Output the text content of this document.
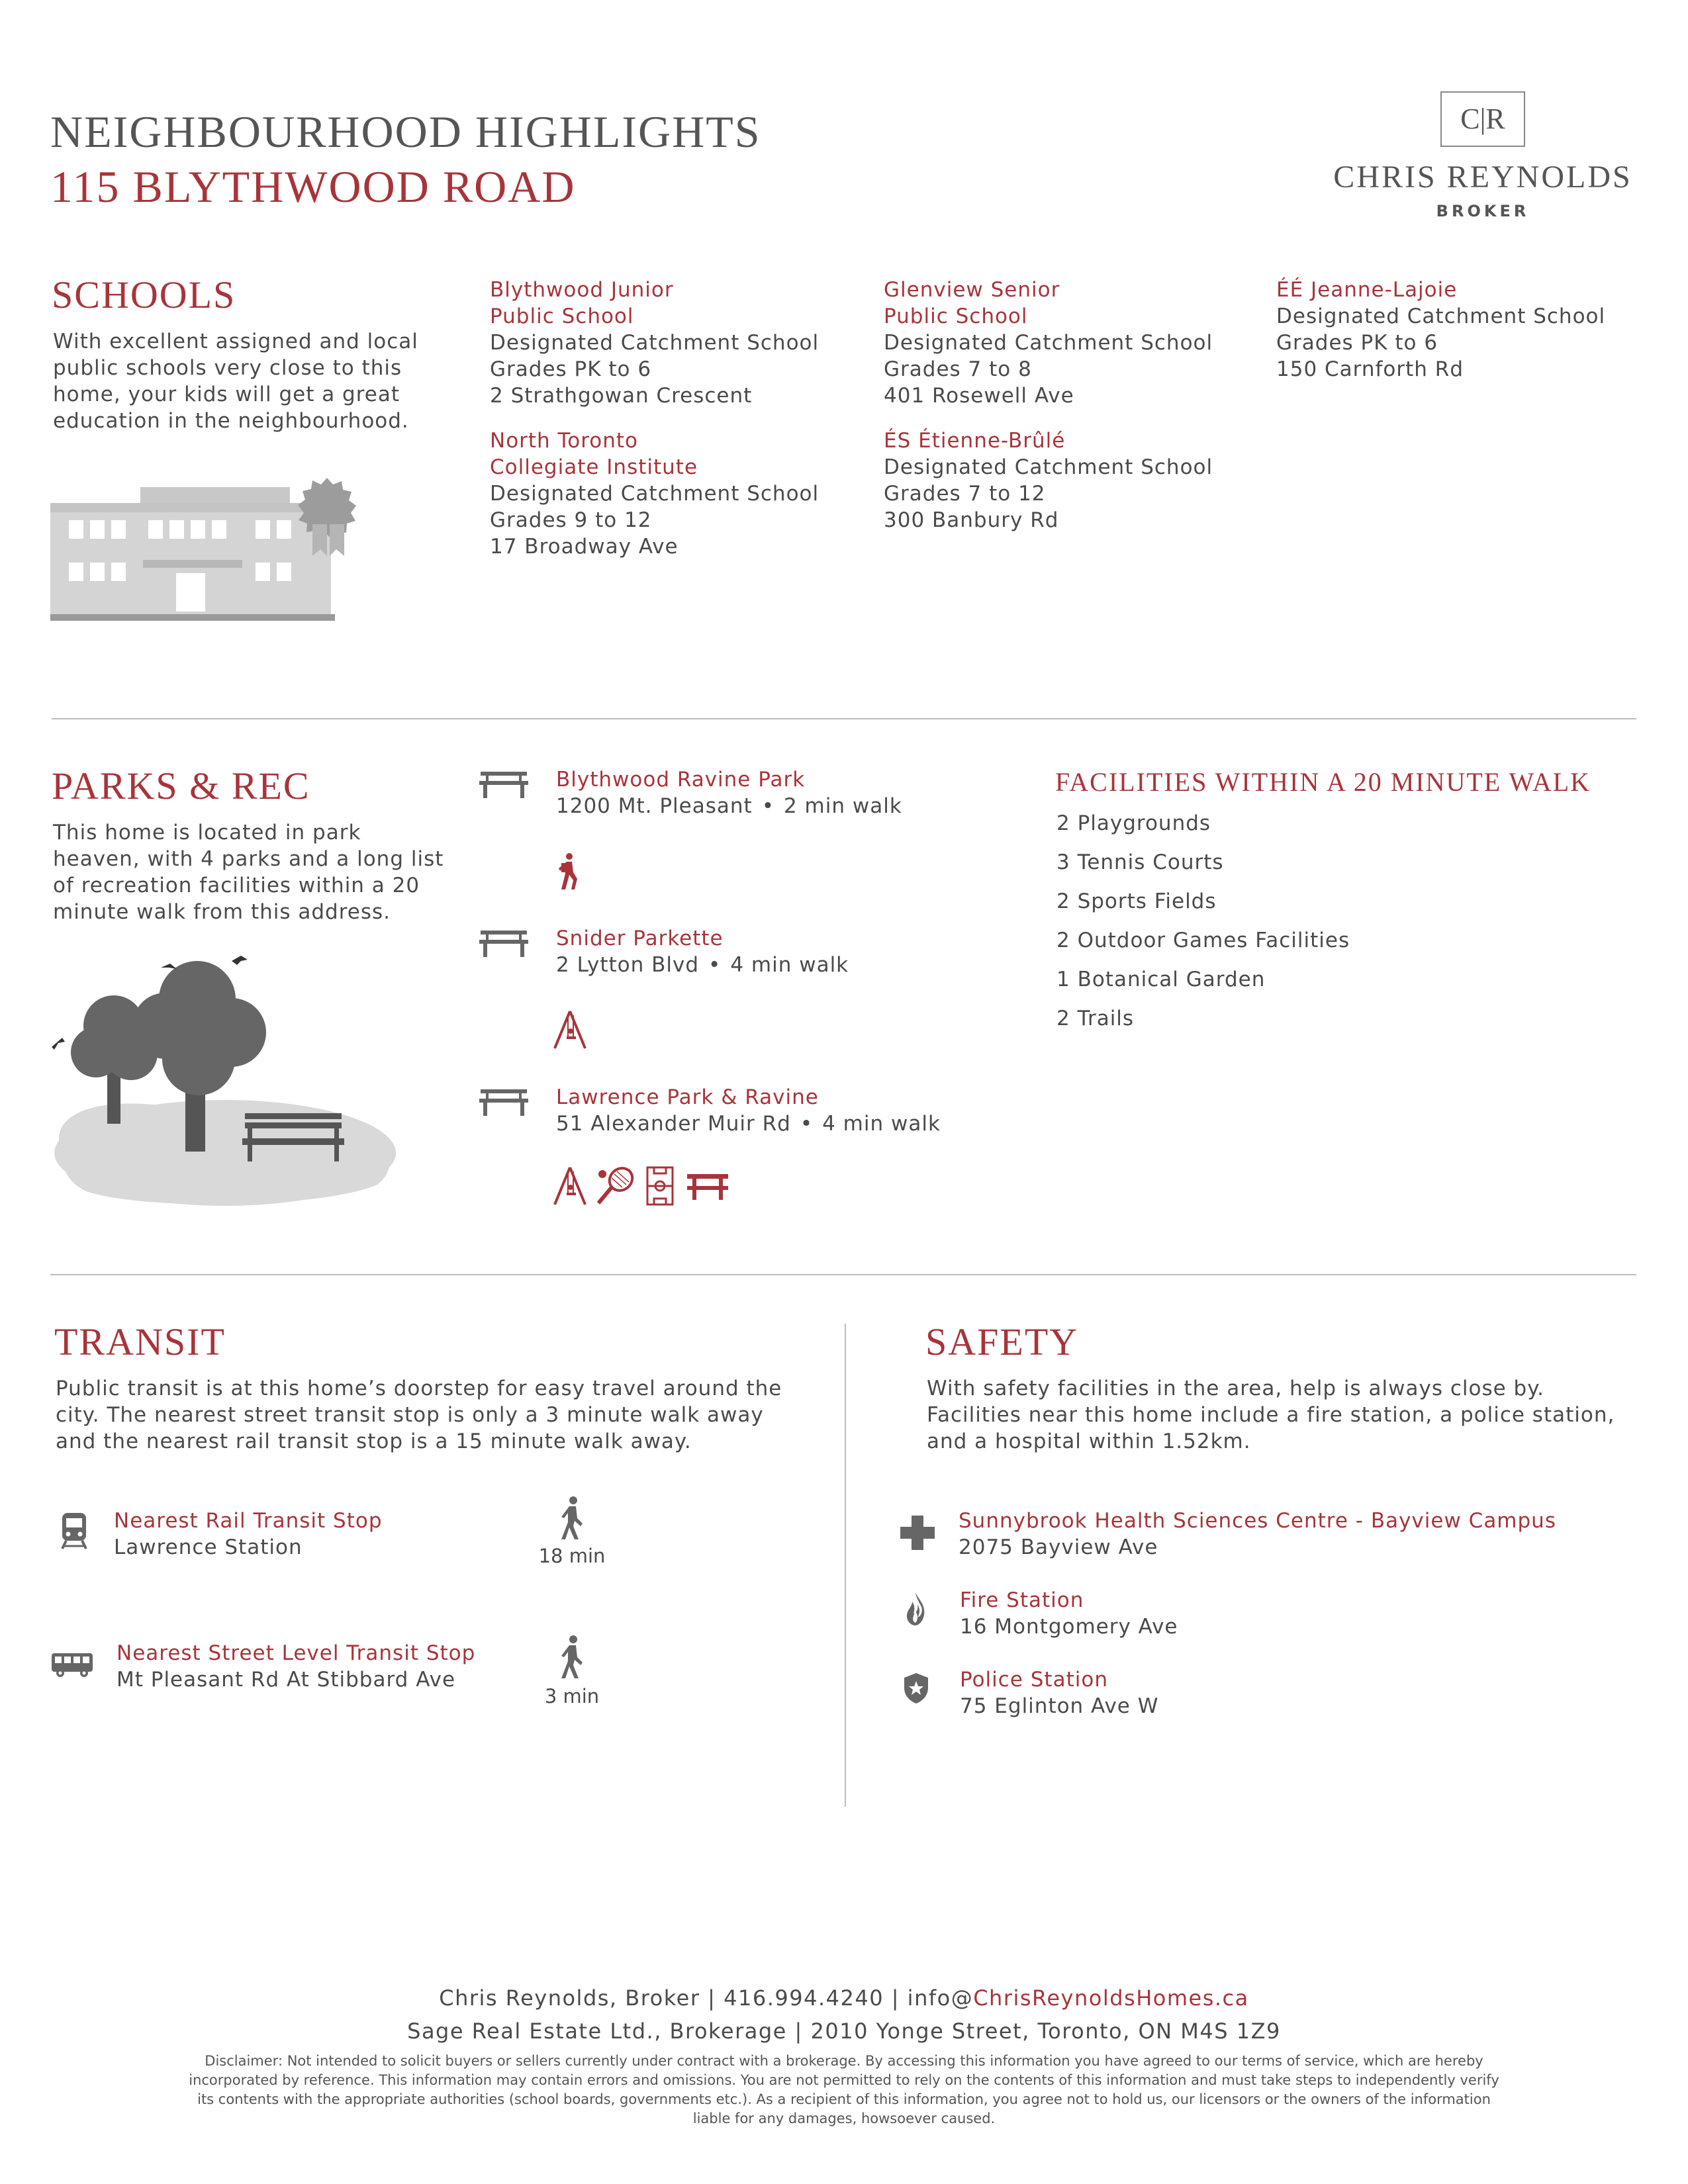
NEIGHBOURHOOD HIGHLIGHTS
115 BLYTHWOOD ROAD
C|R
CHRIS REYNOLDS
BROKER
SCHOOLS
With excellent assigned and local
public schools very close to this
home, your kids will get a great
education in the neighbourhood.
Blythwood Junior
Public School
Designated Catchment School
Grades PK to 6
2 Strathgowan Crescent
Glenview Senior
Public School
Designated Catchment School
Grades 7 to 8
401 Rosewell Ave
ÉÉ Jeanne-Lajoie
Designated Catchment School
Grades PK to 6
150 Carnforth Rd
North Toronto
Collegiate Institute
Designated Catchment School
Grades 9 to 12
17 Broadway Ave
ÉS Étienne-Brûlé
Designated Catchment School
Grades 7 to 12
300 Banbury Rd
PARKS & REC
This home is located in park
heaven, with 4 parks and a long list
of recreation facilities within a 20
minute walk from this address.
Blythwood Ravine Park
1200 Mt. Pleasant • 2 min walk
Snider Parkette
2 Lytton Blvd • 4 min walk
Lawrence Park & Ravine
51 Alexander Muir Rd • 4 min walk
FACILITIES WITHIN A 20 MINUTE WALK
2 Playgrounds
3 Tennis Courts
2 Sports Fields
2 Outdoor Games Facilities
1 Botanical Garden
2 Trails
TRANSIT
Public transit is at this home’s doorstep for easy travel around the
city. The nearest street transit stop is only a 3 minute walk away
and the nearest rail transit stop is a 15 minute walk away.
Nearest Rail Transit Stop
Lawrence Station	18 min
Nearest Street Level Transit Stop
Mt Pleasant Rd At Stibbard Ave
3 min
SAFETY
With safety facilities in the area, help is always close by.
Facilities near this home include a fire station, a police station,
and a hospital within 1.52km.
Sunnybrook Health Sciences Centre - Bayview Campus
2075 Bayview Ave
Fire Station
16 Montgomery Ave
Police Station
75 Eglinton Ave W
Chris Reynolds, Broker | 416.994.4240 | info@ChrisReynoldsHomes.ca
Sage Real Estate Ltd., Brokerage | 2010 Yonge Street, Toronto, ON M4S 1Z9
Disclaimer: Not intended to solicit buyers or sellers currently under contract with a brokerage. By accessing this information you have agreed to our terms of service, which are hereby
incorporated by reference. This information may contain errors and omissions. You are not permitted to rely on the contents of this information and must take steps to independently verify
its contents with the appropriate authorities (school boards, governments etc.). As a recipient of this information, you agree not to hold us, our licensors or the owners of the information
liable for any damages, howsoever caused.
